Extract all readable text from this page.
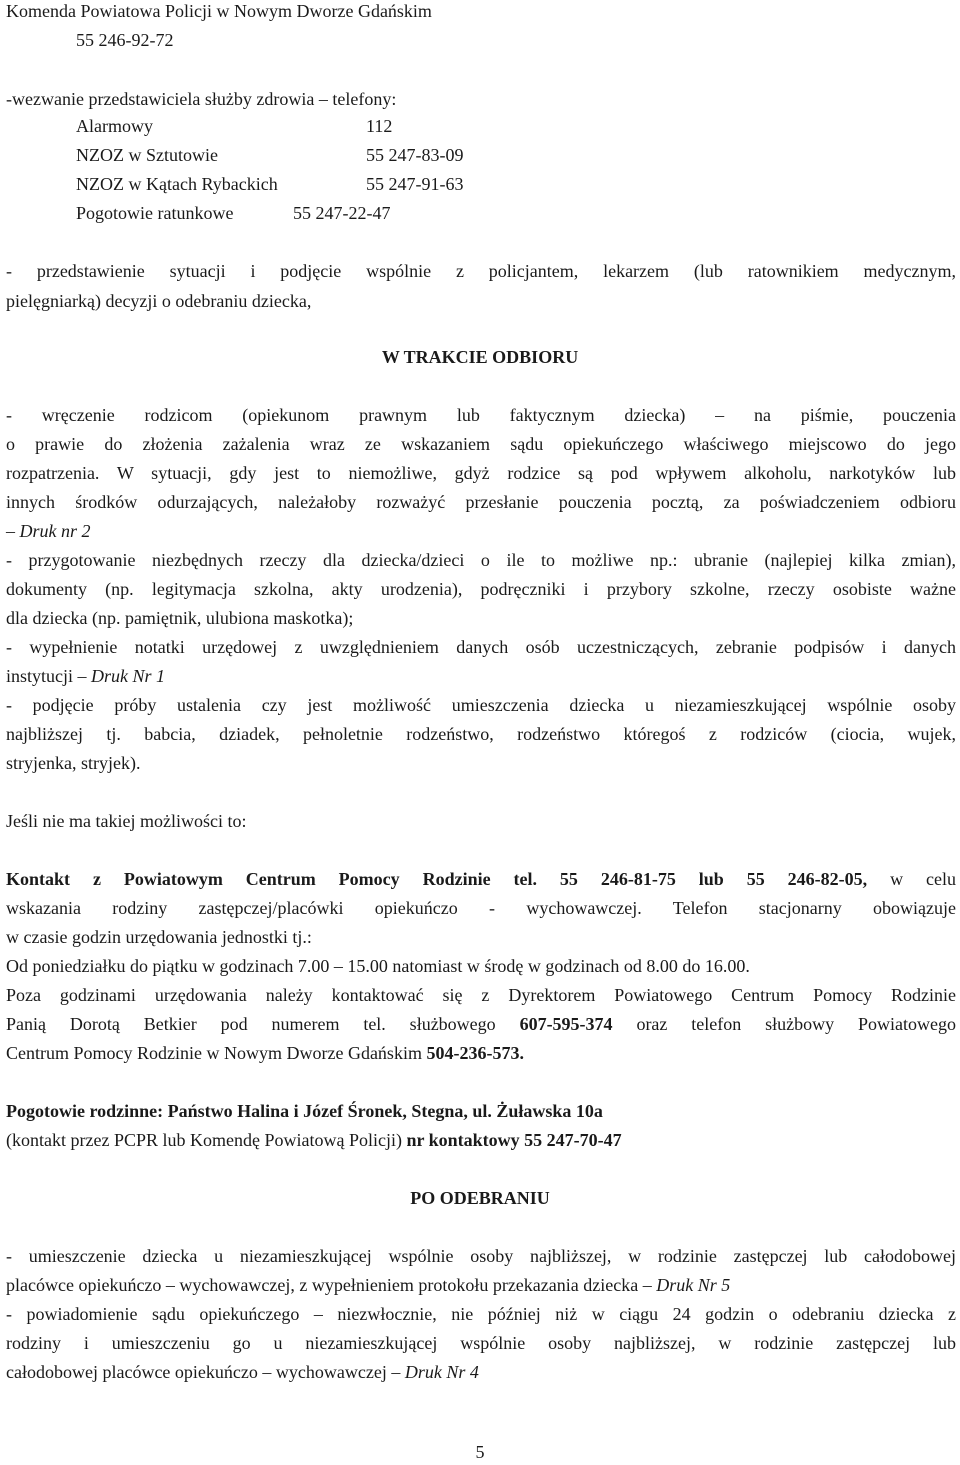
Komenda Powiatowa Policji w Nowym Dworze Gdańskim
55 246-92-72
-wezwanie przedstawiciela służby zdrowia – telefony:
Alarmowy	112
NZOZ w Sztutowie	55 247-83-09
NZOZ w Kątach Rybackich	55 247-91-63
Pogotowie ratunkowe	55 247-22-47
- przedstawienie sytuacji i podjęcie wspólnie z policjantem, lekarzem (lub ratownikiem medycznym,
pielęgniarką) decyzji o odebraniu dziecka,
W TRAKCIE ODBIORU
- wręczenie rodzicom (opiekunom prawnym lub faktycznym dziecka) – na piśmie, pouczenia
o prawie do złożenia zażalenia wraz ze wskazaniem sądu opiekuńczego właściwego miejscowo do jego
rozpatrzenia. W sytuacji, gdy jest to niemożliwe, gdyż rodzice są pod wpływem alkoholu, narkotyków lub
innych środków odurzających, należałoby rozważyć przesłanie pouczenia pocztą, za poświadczeniem odbioru
– Druk nr 2
- przygotowanie niezbędnych rzeczy dla dziecka/dzieci o ile to możliwe np.: ubranie (najlepiej kilka zmian),
dokumenty (np. legitymacja szkolna, akty urodzenia), podręczniki i przybory szkolne, rzeczy osobiste ważne
dla dziecka (np. pamiętnik, ulubiona maskotka);
- wypełnienie notatki urzędowej z uwzględnieniem danych osób uczestniczących, zebranie podpisów i danych
instytucji – Druk Nr 1
- podjęcie próby ustalenia czy jest możliwość umieszczenia dziecka u niezamieszkującej wspólnie osoby
najbliższej tj. babcia, dziadek, pełnoletnie rodzeństwo, rodzeństwo któregoś z rodziców (ciocia, wujek,
stryjenka, stryjek).
Jeśli nie ma takiej możliwości to:
Kontakt z Powiatowym Centrum Pomocy Rodzinie tel. 55 246-81-75 lub 55 246-82-05, w celu
wskazania rodziny zastępczej/placówki opiekuńczo - wychowawczej. Telefon stacjonarny obowiązuje
w czasie godzin urzędowania jednostki tj.:
Od poniedziałku do piątku w godzinach 7.00 – 15.00 natomiast w środę w godzinach od 8.00 do 16.00.
Poza godzinami urzędowania należy kontaktować się z Dyrektorem Powiatowego Centrum Pomocy Rodzinie
Panią Dorotą Betkier pod numerem tel. służbowego 607-595-374 oraz telefon służbowy Powiatowego
Centrum Pomocy Rodzinie w Nowym Dworze Gdańskim 504-236-573.
Pogotowie rodzinne: Państwo Halina i Józef Śronek, Stegna, ul. Żuławska 10a
(kontakt przez PCPR lub Komendę Powiatową Policji) nr kontaktowy 55 247-70-47
PO ODEBRANIU
- umieszczenie dziecka u niezamieszkującej wspólnie osoby najbliższej, w rodzinie zastępczej lub całodobowej
placówce opiekuńczo – wychowawczej, z wypełnieniem protokołu przekazania dziecka – Druk Nr 5
- powiadomienie sądu opiekuńczego – niezwłocznie, nie później niż w ciągu 24 godzin o odebraniu dziecka z
rodziny i umieszczeniu go u niezamieszkującej wspólnie osoby najbliższej, w rodzinie zastępczej lub
całodobowej placówce opiekuńczo – wychowawczej – Druk Nr 4
5
